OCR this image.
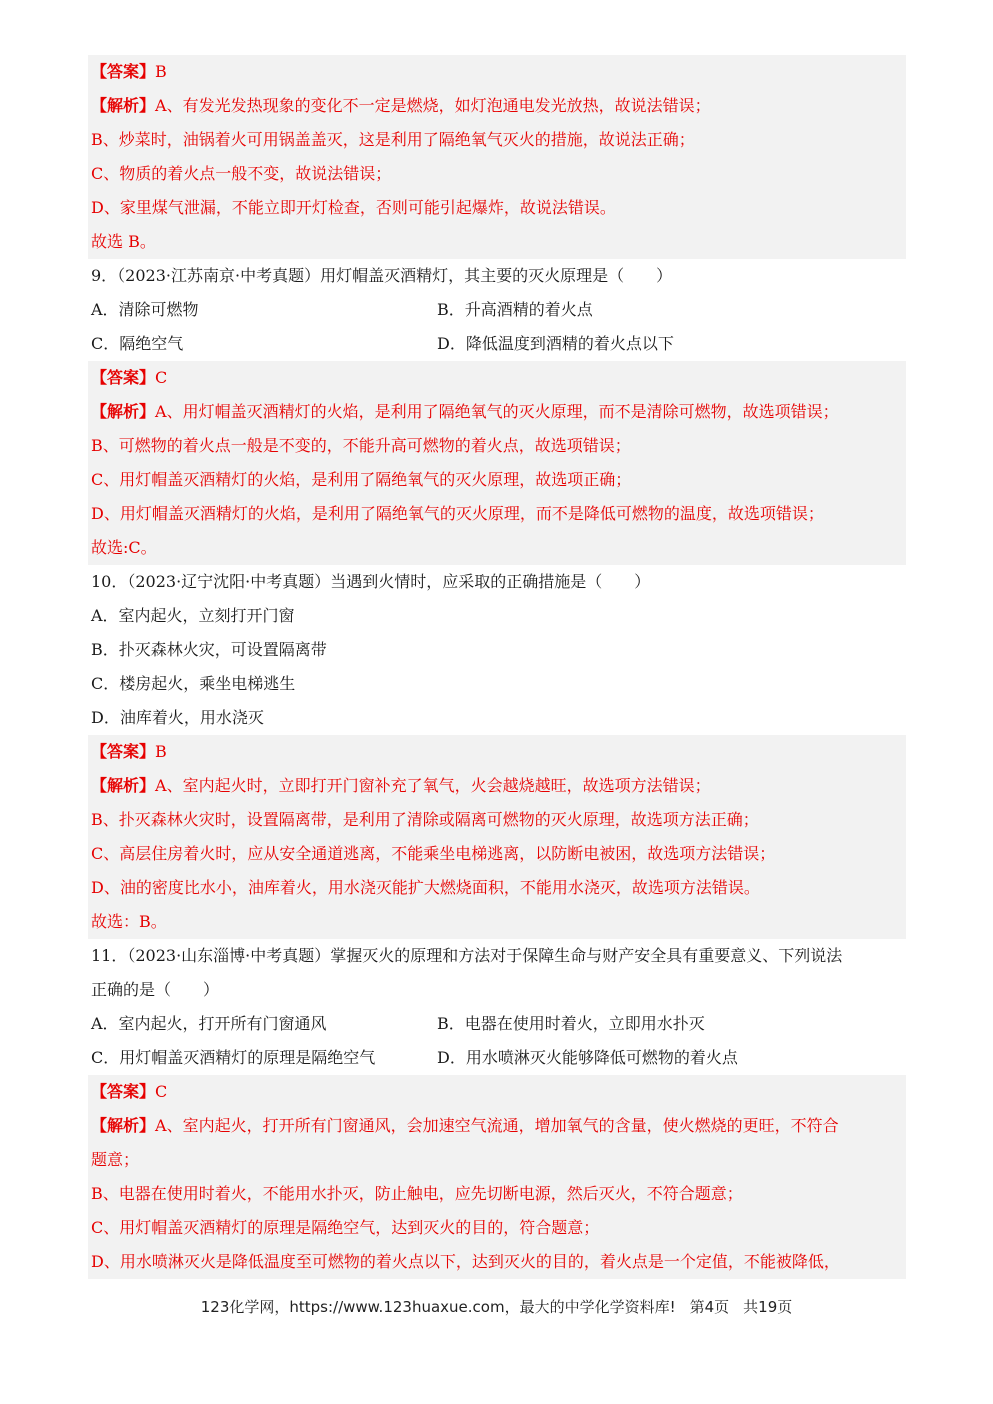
【答案】B
【解析】A、有发光发热现象的变化不一定是燃烧，如灯泡通电发光放热，故说法错误；
B、炒菜时，油锅着火可用锅盖盖灭，这是利用了隔绝氧气灭火的措施，故说法正确；
C、物质的着火点一般不变，故说法错误；
D、家里煤气泄漏，不能立即开灯检查，否则可能引起爆炸，故说法错误。
故选 B。
9．（2023·江苏南京·中考真题）用灯帽盖灭酒精灯，其主要的灭火原理是（　　）
A．清除可燃物	B．升高酒精的着火点
C．隔绝空气	D．降低温度到酒精的着火点以下
【答案】C
【解析】A、用灯帽盖灭酒精灯的火焰，是利用了隔绝氧气的灭火原理，而不是清除可燃物，故选项错误；
B、可燃物的着火点一般是不变的，不能升高可燃物的着火点，故选项错误；
C、用灯帽盖灭酒精灯的火焰，是利用了隔绝氧气的灭火原理，故选项正确；
D、用灯帽盖灭酒精灯的火焰，是利用了隔绝氧气的灭火原理，而不是降低可燃物的温度，故选项错误；
故选:C。
10．（2023·辽宁沈阳·中考真题）当遇到火情时，应采取的正确措施是（　　）
A．室内起火，立刻打开门窗
B．扑灭森林火灾，可设置隔离带
C．楼房起火，乘坐电梯逃生
D．油库着火，用水浇灭
【答案】B
【解析】A、室内起火时，立即打开门窗补充了氧气，火会越烧越旺，故选项方法错误；
B、扑灭森林火灾时，设置隔离带，是利用了清除或隔离可燃物的灭火原理，故选项方法正确；
C、高层住房着火时，应从安全通道逃离，不能乘坐电梯逃离，以防断电被困，故选项方法错误；
D、油的密度比水小，油库着火，用水浇灭能扩大燃烧面积，不能用水浇灭，故选项方法错误。
故选：B。
11．（2023·山东淄博·中考真题）掌握灭火的原理和方法对于保障生命与财产安全具有重要意义、下列说法
正确的是（　　）
A．室内起火，打开所有门窗通风	B．电器在使用时着火，立即用水扑灭
C．用灯帽盖灭酒精灯的原理是隔绝空气	D．用水喷淋灭火能够降低可燃物的着火点
【答案】C
【解析】A、室内起火，打开所有门窗通风，会加速空气流通，增加氧气的含量，使火燃烧的更旺，不符合
题意；
B、电器在使用时着火，不能用水扑灭，防止触电，应先切断电源，然后灭火，不符合题意；
C、用灯帽盖灭酒精灯的原理是隔绝空气，达到灭火的目的，符合题意；
D、用水喷淋灭火是降低温度至可燃物的着火点以下，达到灭火的目的，着火点是一个定值，不能被降低，
123化学网，https://www.123huaxue.com，最大的中学化学资料库! 第4页 共19页
